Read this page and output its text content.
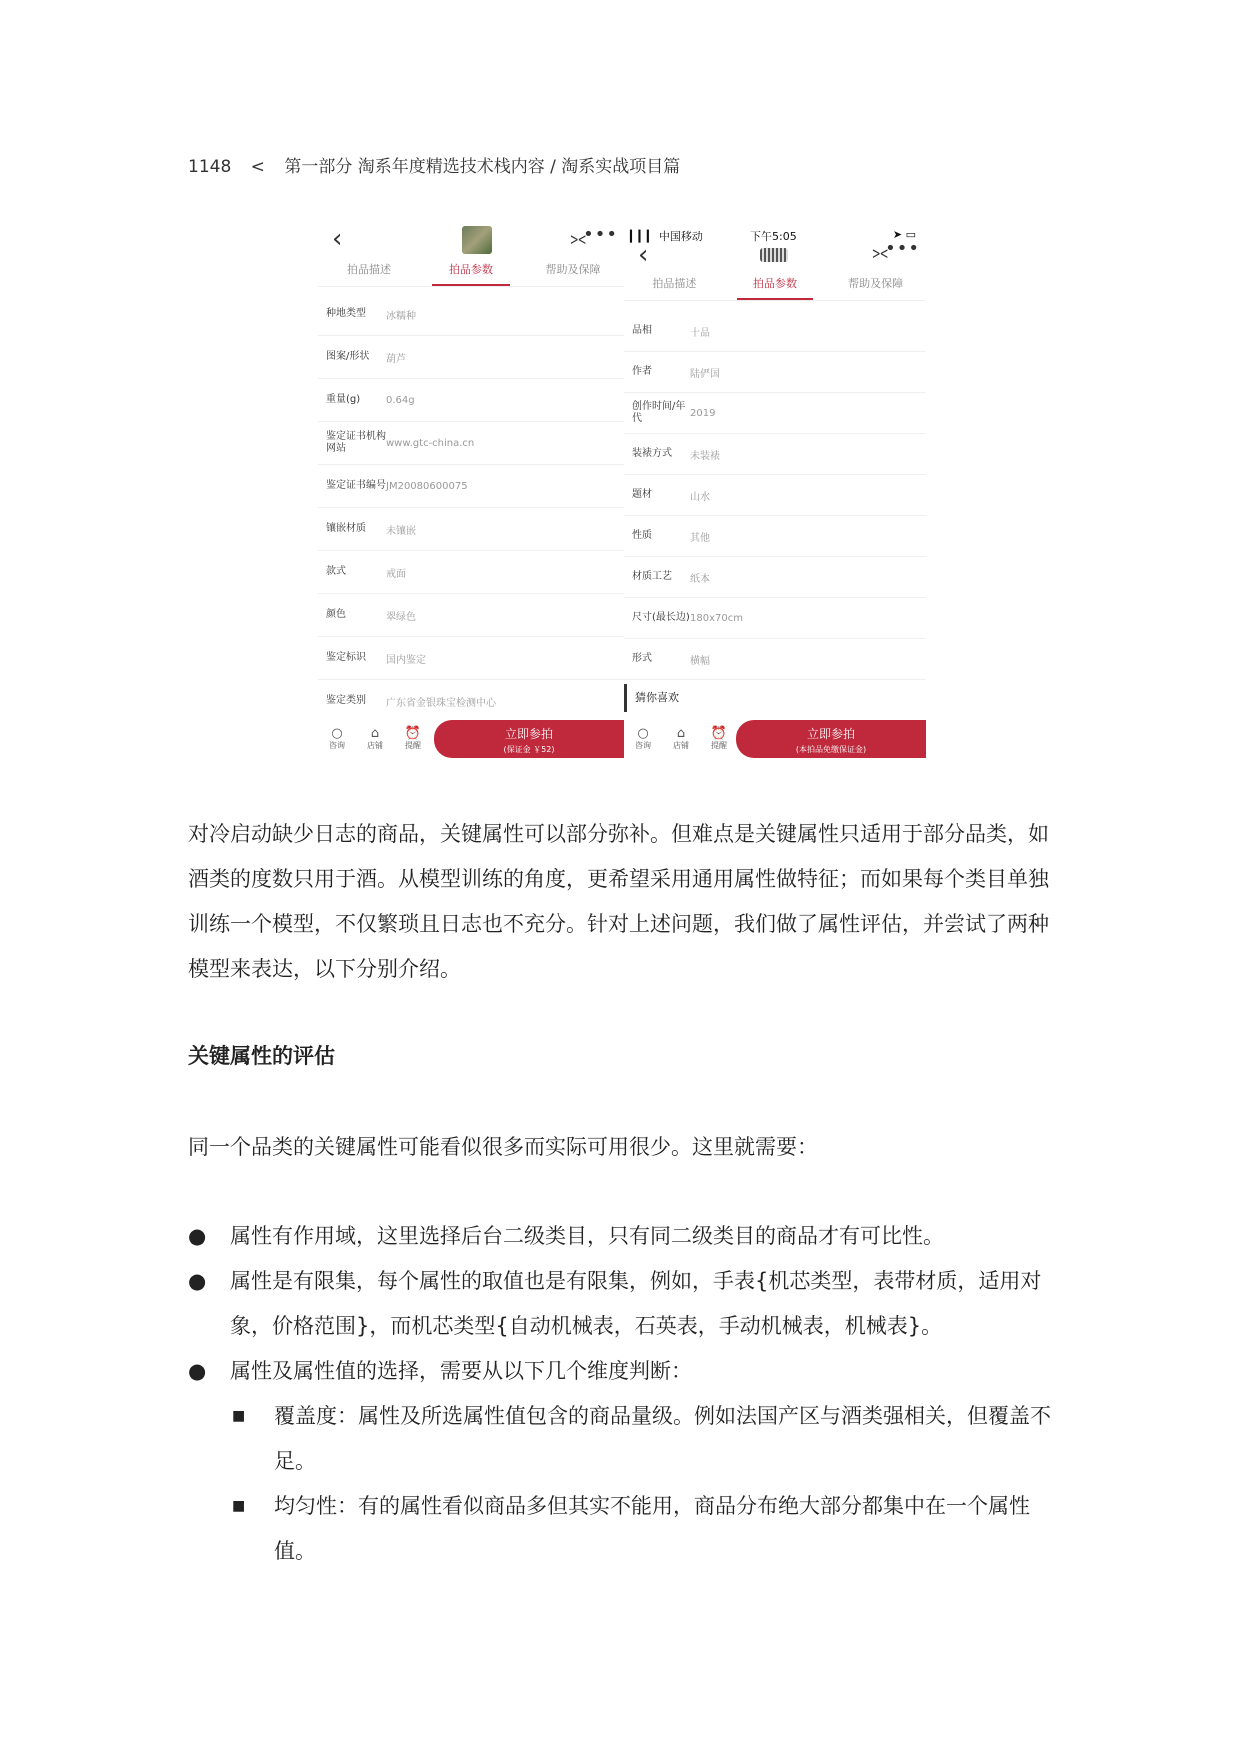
1148 < 第一部分 淘系年度精选技术栈内容 / 淘系实战项目篇
‹	⪥
•••
拍品描述	拍品参数	帮助及保障
种地类型	冰糯种
图案/形状	葫芦
重量(g)	0.64g
鉴定证书机构网站	www.gtc-china.cn
鉴定证书编号 JM20080600075
镶嵌材质	未镶嵌
款式	戒面
颜色	翠绿色
鉴定标识	国内鉴定
鉴定类别	广东省金银珠宝检测中心
○
咨询
⌂
店铺
⏰
提醒
立即参拍
(保证金 ￥52)
▎▎▎ 中国移动	下午5:05	➤ ▭
‹	⪥
•••
拍品描述	拍品参数	帮助及保障
品相	十品
作者	陆俨国
创作时间/年代	2019
装裱方式	未装裱
题材	山水
性质	其他
材质工艺	纸本
尺寸(最长边) 180x70cm
形式	横幅
猜你喜欢
○
咨询
⌂
店铺
⏰
提醒
立即参拍
(本拍品免缴保证金)
对冷启动缺少日志的商品，关键属性可以部分弥补。但难点是关键属性只适用于部分品类，如酒类的度数只用于酒。从模型训练的角度，更希望采用通用属性做特征；而如果每个类目单独训练一个模型，不仅繁琐且日志也不充分。针对上述问题，我们做了属性评估，并尝试了两种模型来表达，以下分别介绍。
关键属性的评估
同一个品类的关键属性可能看似很多而实际可用很少。这里就需要：
● 属性有作用域，这里选择后台二级类目，只有同二级类目的商品才有可比性。
● 属性是有限集，每个属性的取值也是有限集，例如，手表{机芯类型，表带材质，适用对象，价格范围}，而机芯类型{自动机械表，石英表，手动机械表，机械表}。
● 属性及属性值的选择，需要从以下几个维度判断：
■ 覆盖度：属性及所选属性值包含的商品量级。例如法国产区与酒类强相关，但覆盖不足。
■ 均匀性：有的属性看似商品多但其实不能用，商品分布绝大部分都集中在一个属性值。
